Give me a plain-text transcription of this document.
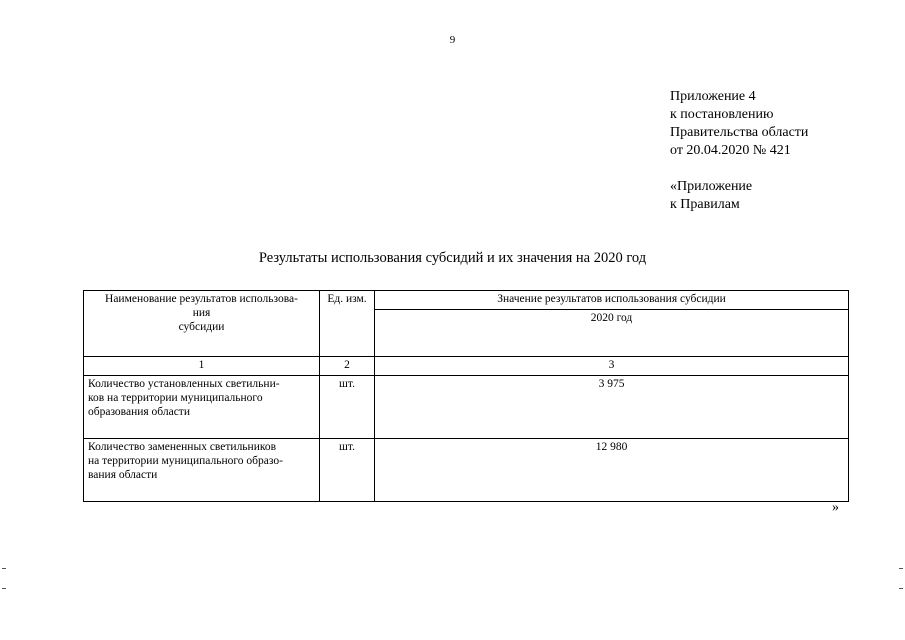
9
Приложение 4
к постановлению
Правительства области
от 20.04.2020 № 421
«Приложение
к Правилам
Результаты использования субсидий и их значения на 2020 год
Наименование результатов использова-
ния
субсидии	Ед. изм.	Значение результатов использования субсидии
		2020 год
1	2	3

Количество установленных светильни-
ков на территории муниципального
образования области	шт.	3 975

Количество замененных светильников
на территории муниципального образо-
вания области	шт.	12 980
»
